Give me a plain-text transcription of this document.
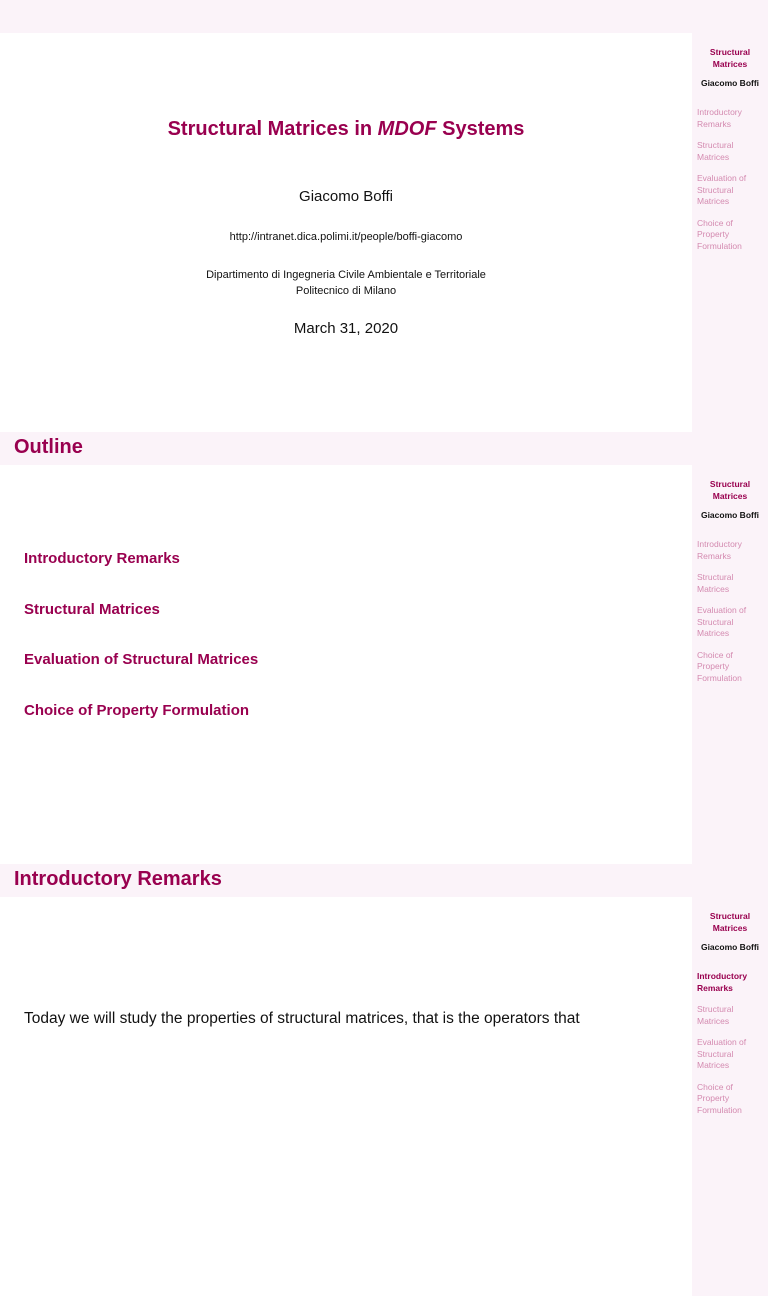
Structural Matrices in MDOF Systems
Giacomo Boffi
http://intranet.dica.polimi.it/people/boffi-giacomo
Dipartimento di Ingegneria Civile Ambientale e Territoriale
Politecnico di Milano
March 31, 2020
Structural Matrices
Giacomo Boffi
Introductory Remarks
Structural Matrices
Evaluation of Structural Matrices
Choice of Property Formulation
Outline
Introductory Remarks
Structural Matrices
Evaluation of Structural Matrices
Choice of Property Formulation
Structural Matrices
Giacomo Boffi
Introductory Remarks
Structural Matrices
Evaluation of Structural Matrices
Choice of Property Formulation
Introductory Remarks
Today we will study the properties of structural matrices, that is the operators that
Structural Matrices
Giacomo Boffi
Introductory Remarks
Structural Matrices
Evaluation of Structural Matrices
Choice of Property Formulation
